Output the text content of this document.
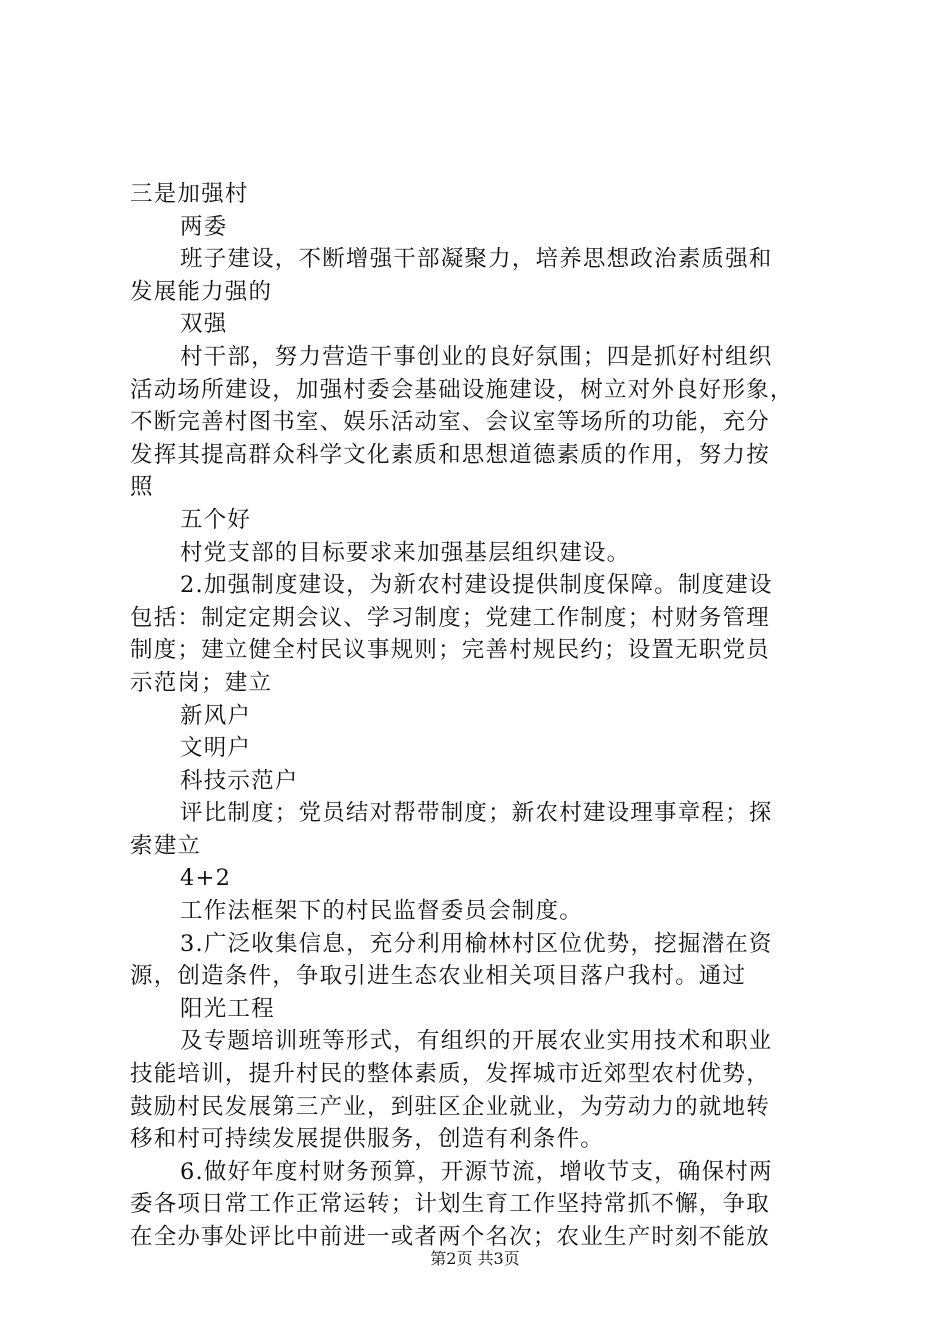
三是加强村
两委
班子建设，不断增强干部凝聚力，培养思想政治素质强和
发展能力强的
双强
村干部，努力营造干事创业的良好氛围；四是抓好村组织
活动场所建设，加强村委会基础设施建设，树立对外良好形象，
不断完善村图书室、娱乐活动室、会议室等场所的功能，充分
发挥其提高群众科学文化素质和思想道德素质的作用，努力按
照
五个好
村党支部的目标要求来加强基层组织建设。
2.加强制度建设，为新农村建设提供制度保障。制度建设
包括：制定定期会议、学习制度；党建工作制度；村财务管理
制度；建立健全村民议事规则；完善村规民约；设置无职党员
示范岗；建立
新风户
文明户
科技示范户
评比制度；党员结对帮带制度；新农村建设理事章程；探
索建立
4+2
工作法框架下的村民监督委员会制度。
3.广泛收集信息，充分利用榆林村区位优势，挖掘潜在资
源，创造条件，争取引进生态农业相关项目落户我村。通过
阳光工程
及专题培训班等形式，有组织的开展农业实用技术和职业
技能培训，提升村民的整体素质，发挥城市近郊型农村优势，
鼓励村民发展第三产业，到驻区企业就业，为劳动力的就地转
移和村可持续发展提供服务，创造有利条件。
6.做好年度村财务预算，开源节流，增收节支，确保村两
委各项日常工作正常运转；计划生育工作坚持常抓不懈，争取
在全办事处评比中前进一或者两个名次；农业生产时刻不能放
第2页 共3页
